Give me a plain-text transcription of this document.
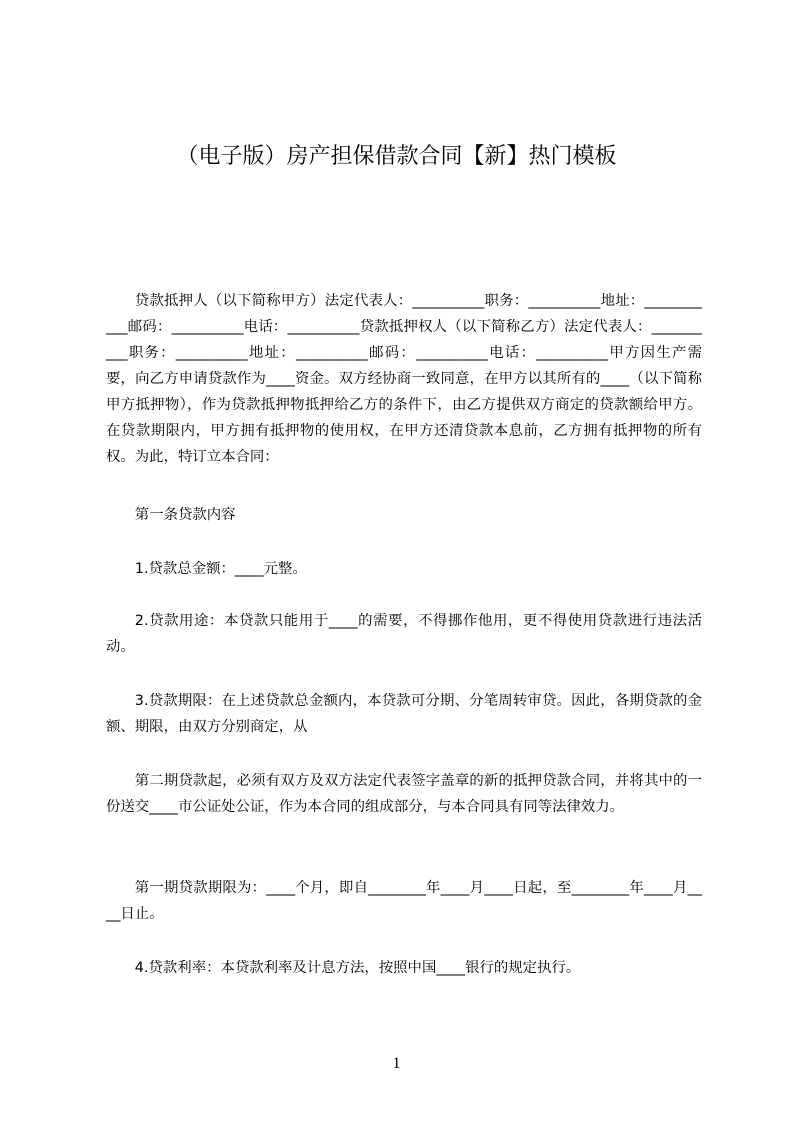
（电子版）房产担保借款合同【新】热门模板

贷款抵押人（以下简称甲方）法定代表人：__________职务：__________地址：___________邮码：__________电话：__________贷款抵押权人（以下简称乙方）法定代表人：__________职务：__________地址：__________邮码：__________电话：__________甲方因生产需要，向乙方申请贷款作为____资金。双方经协商一致同意，在甲方以其所有的____（以下简称甲方抵押物），作为贷款抵押物抵押给乙方的条件下，由乙方提供双方商定的贷款额给甲方。在贷款期限内，甲方拥有抵押物的使用权，在甲方还清贷款本息前，乙方拥有抵押物的所有权。为此，特订立本合同：

第一条贷款内容

1.贷款总金额：____元整。

2.贷款用途：本贷款只能用于____的需要，不得挪作他用，更不得使用贷款进行违法活动。

3.贷款期限：在上述贷款总金额内，本贷款可分期、分笔周转审贷。因此，各期贷款的金额、期限，由双方分别商定，从

第二期贷款起，必须有双方及双方法定代表签字盖章的新的抵押贷款合同，并将其中的一份送交____市公证处公证，作为本合同的组成部分，与本合同具有同等法律效力。

第一期贷款期限为：____个月，即自________年____月____日起，至________年____月____日止。

4.贷款利率：本贷款利率及计息方法，按照中国____银行的规定执行。

1
